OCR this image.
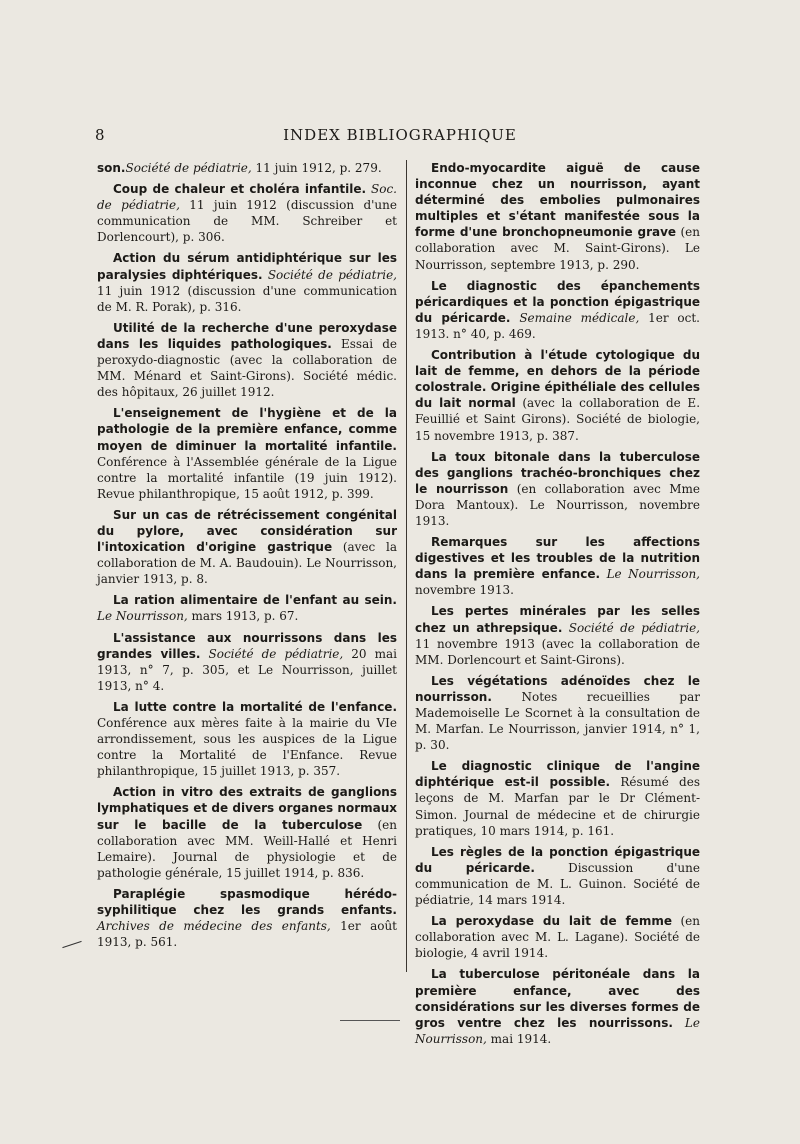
8	INDEX BIBLIOGRAPHIQUE

son.Société de pédiatrie, 11 juin 1912, p. 279.

Coup de chaleur et choléra infantile. Soc. de pédiatrie, 11 juin 1912 (discussion d'une communication de MM. Schreiber et Dorlencourt), p. 306.

Action du sérum antidiphtérique sur les paralysies diphtériques. Société de pédiatrie, 11 juin 1912 (discussion d'une communication de M. R. Porak), p. 316.

Utilité de la recherche d'une peroxydase dans les liquides pathologiques. Essai de peroxydo-diagnostic (avec la collaboration de MM. Ménard et Saint-Girons). Société médic. des hôpitaux, 26 juillet 1912.

L'enseignement de l'hygiène et de la pathologie de la première enfance, comme moyen de diminuer la mortalité infantile. Conférence à l'Assemblée générale de la Ligue contre la mortalité infantile (19 juin 1912). Revue philanthropique, 15 août 1912, p. 399.

Sur un cas de rétrécissement congénital du pylore, avec considération sur l'intoxication d'origine gastrique (avec la collaboration de M. A. Baudouin). Le Nourrisson, janvier 1913, p. 8.

La ration alimentaire de l'enfant au sein. Le Nourrisson, mars 1913, p. 67.

L'assistance aux nourrissons dans les grandes villes. Société de pédiatrie, 20 mai 1913, n° 7, p. 305, et Le Nourrisson, juillet 1913, n° 4.

La lutte contre la mortalité de l'enfance. Conférence aux mères faite à la mairie du VIe arrondissement, sous les auspices de la Ligue contre la Mortalité de l'Enfance. Revue philanthropique, 15 juillet 1913, p. 357.

Action in vitro des extraits de ganglions lymphatiques et de divers organes normaux sur le bacille de la tuberculose (en collaboration avec MM. Weill-Hallé et Henri Lemaire). Journal de physiologie et de pathologie générale, 15 juillet 1914, p. 836.

Paraplégie spasmodique hérédo-syphilitique chez les grands enfants. Archives de médecine des enfants, 1er août 1913, p. 561.

Endo-myocardite aiguë de cause inconnue chez un nourrisson, ayant déterminé des embolies pulmonaires multiples et s'étant manifestée sous la forme d'une bronchopneumonie grave (en collaboration avec M. Saint-Girons). Le Nourrisson, septembre 1913, p. 290.

Le diagnostic des épanchements péricardiques et la ponction épigastrique du péricarde. Semaine médicale, 1er oct. 1913. n° 40, p. 469.

Contribution à l'étude cytologique du lait de femme, en dehors de la période colostrale. Origine épithéliale des cellules du lait normal (avec la collaboration de E. Feuillié et Saint Girons). Société de biologie, 15 novembre 1913, p. 387.

La toux bitonale dans la tuberculose des ganglions trachéo-bronchiques chez le nourrisson (en collaboration avec Mme Dora Mantoux). Le Nourrisson, novembre 1913.

Remarques sur les affections digestives et les troubles de la nutrition dans la première enfance. Le Nourrisson, novembre 1913.

Les pertes minérales par les selles chez un athrepsique. Société de pédiatrie, 11 novembre 1913 (avec la collaboration de MM. Dorlencourt et Saint-Girons).

Les végétations adénoïdes chez le nourrisson. Notes recueillies par Mademoiselle Le Scornet à la consultation de M. Marfan. Le Nourrisson, janvier 1914, n° 1, p. 30.

Le diagnostic clinique de l'angine diphtérique est-il possible. Résumé des leçons de M. Marfan par le Dr Clément-Simon. Journal de médecine et de chirurgie pratiques, 10 mars 1914, p. 161.

Les règles de la ponction épigastrique du péricarde. Discussion d'une communication de M. L. Guinon. Société de pédiatrie, 14 mars 1914.

La peroxydase du lait de femme (en collaboration avec M. L. Lagane). Société de biologie, 4 avril 1914.

La tuberculose péritonéale dans la première enfance, avec des considérations sur les diverses formes de gros ventre chez les nourrissons. Le Nourrisson, mai 1914.
